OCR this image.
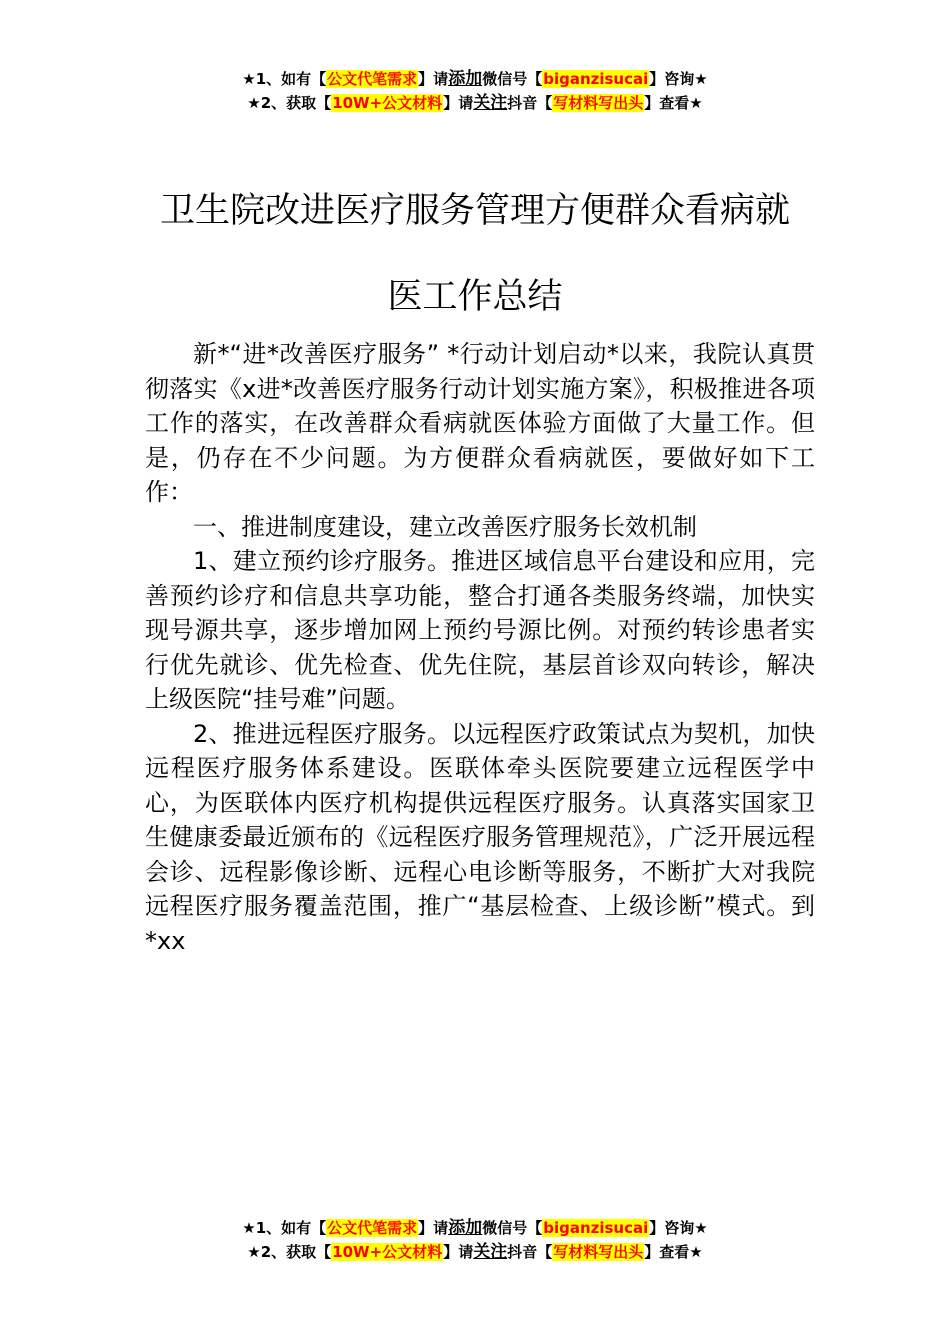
★1、如有【公文代笔需求】请添加微信号【biganzisucai】咨询★
★2、获取【10W+公文材料】请关注抖音【写材料写出头】查看★
卫生院改进医疗服务管理方便群众看病就
医工作总结

新*“进*改善医疗服务” *行动计划启动*以来，我院认真贯彻落实《x进*改善医疗服务行动计划实施方案》，积极推进各项工作的落实，在改善群众看病就医体验方面做了大量工作。但是，仍存在不少问题。为方便群众看病就医，要做好如下工作：

一、推进制度建设，建立改善医疗服务长效机制

1、建立预约诊疗服务。推进区域信息平台建设和应用，完善预约诊疗和信息共享功能，整合打通各类服务终端，加快实现号源共享，逐步增加网上预约号源比例。对预约转诊患者实行优先就诊、优先检查、优先住院，基层首诊双向转诊，解决上级医院“挂号难”问题。

2、推进远程医疗服务。以远程医疗政策试点为契机，加快远程医疗服务体系建设。医联体牵头医院要建立远程医学中心，为医联体内医疗机构提供远程医疗服务。认真落实国家卫生健康委最近颁布的《远程医疗服务管理规范》，广泛开展远程会诊、远程影像诊断、远程心电诊断等服务，不断扩大对我院远程医疗服务覆盖范围，推广“基层检查、上级诊断”模式。到*xx

★1、如有【公文代笔需求】请添加微信号【biganzisucai】咨询★
★2、获取【10W+公文材料】请关注抖音【写材料写出头】查看★
